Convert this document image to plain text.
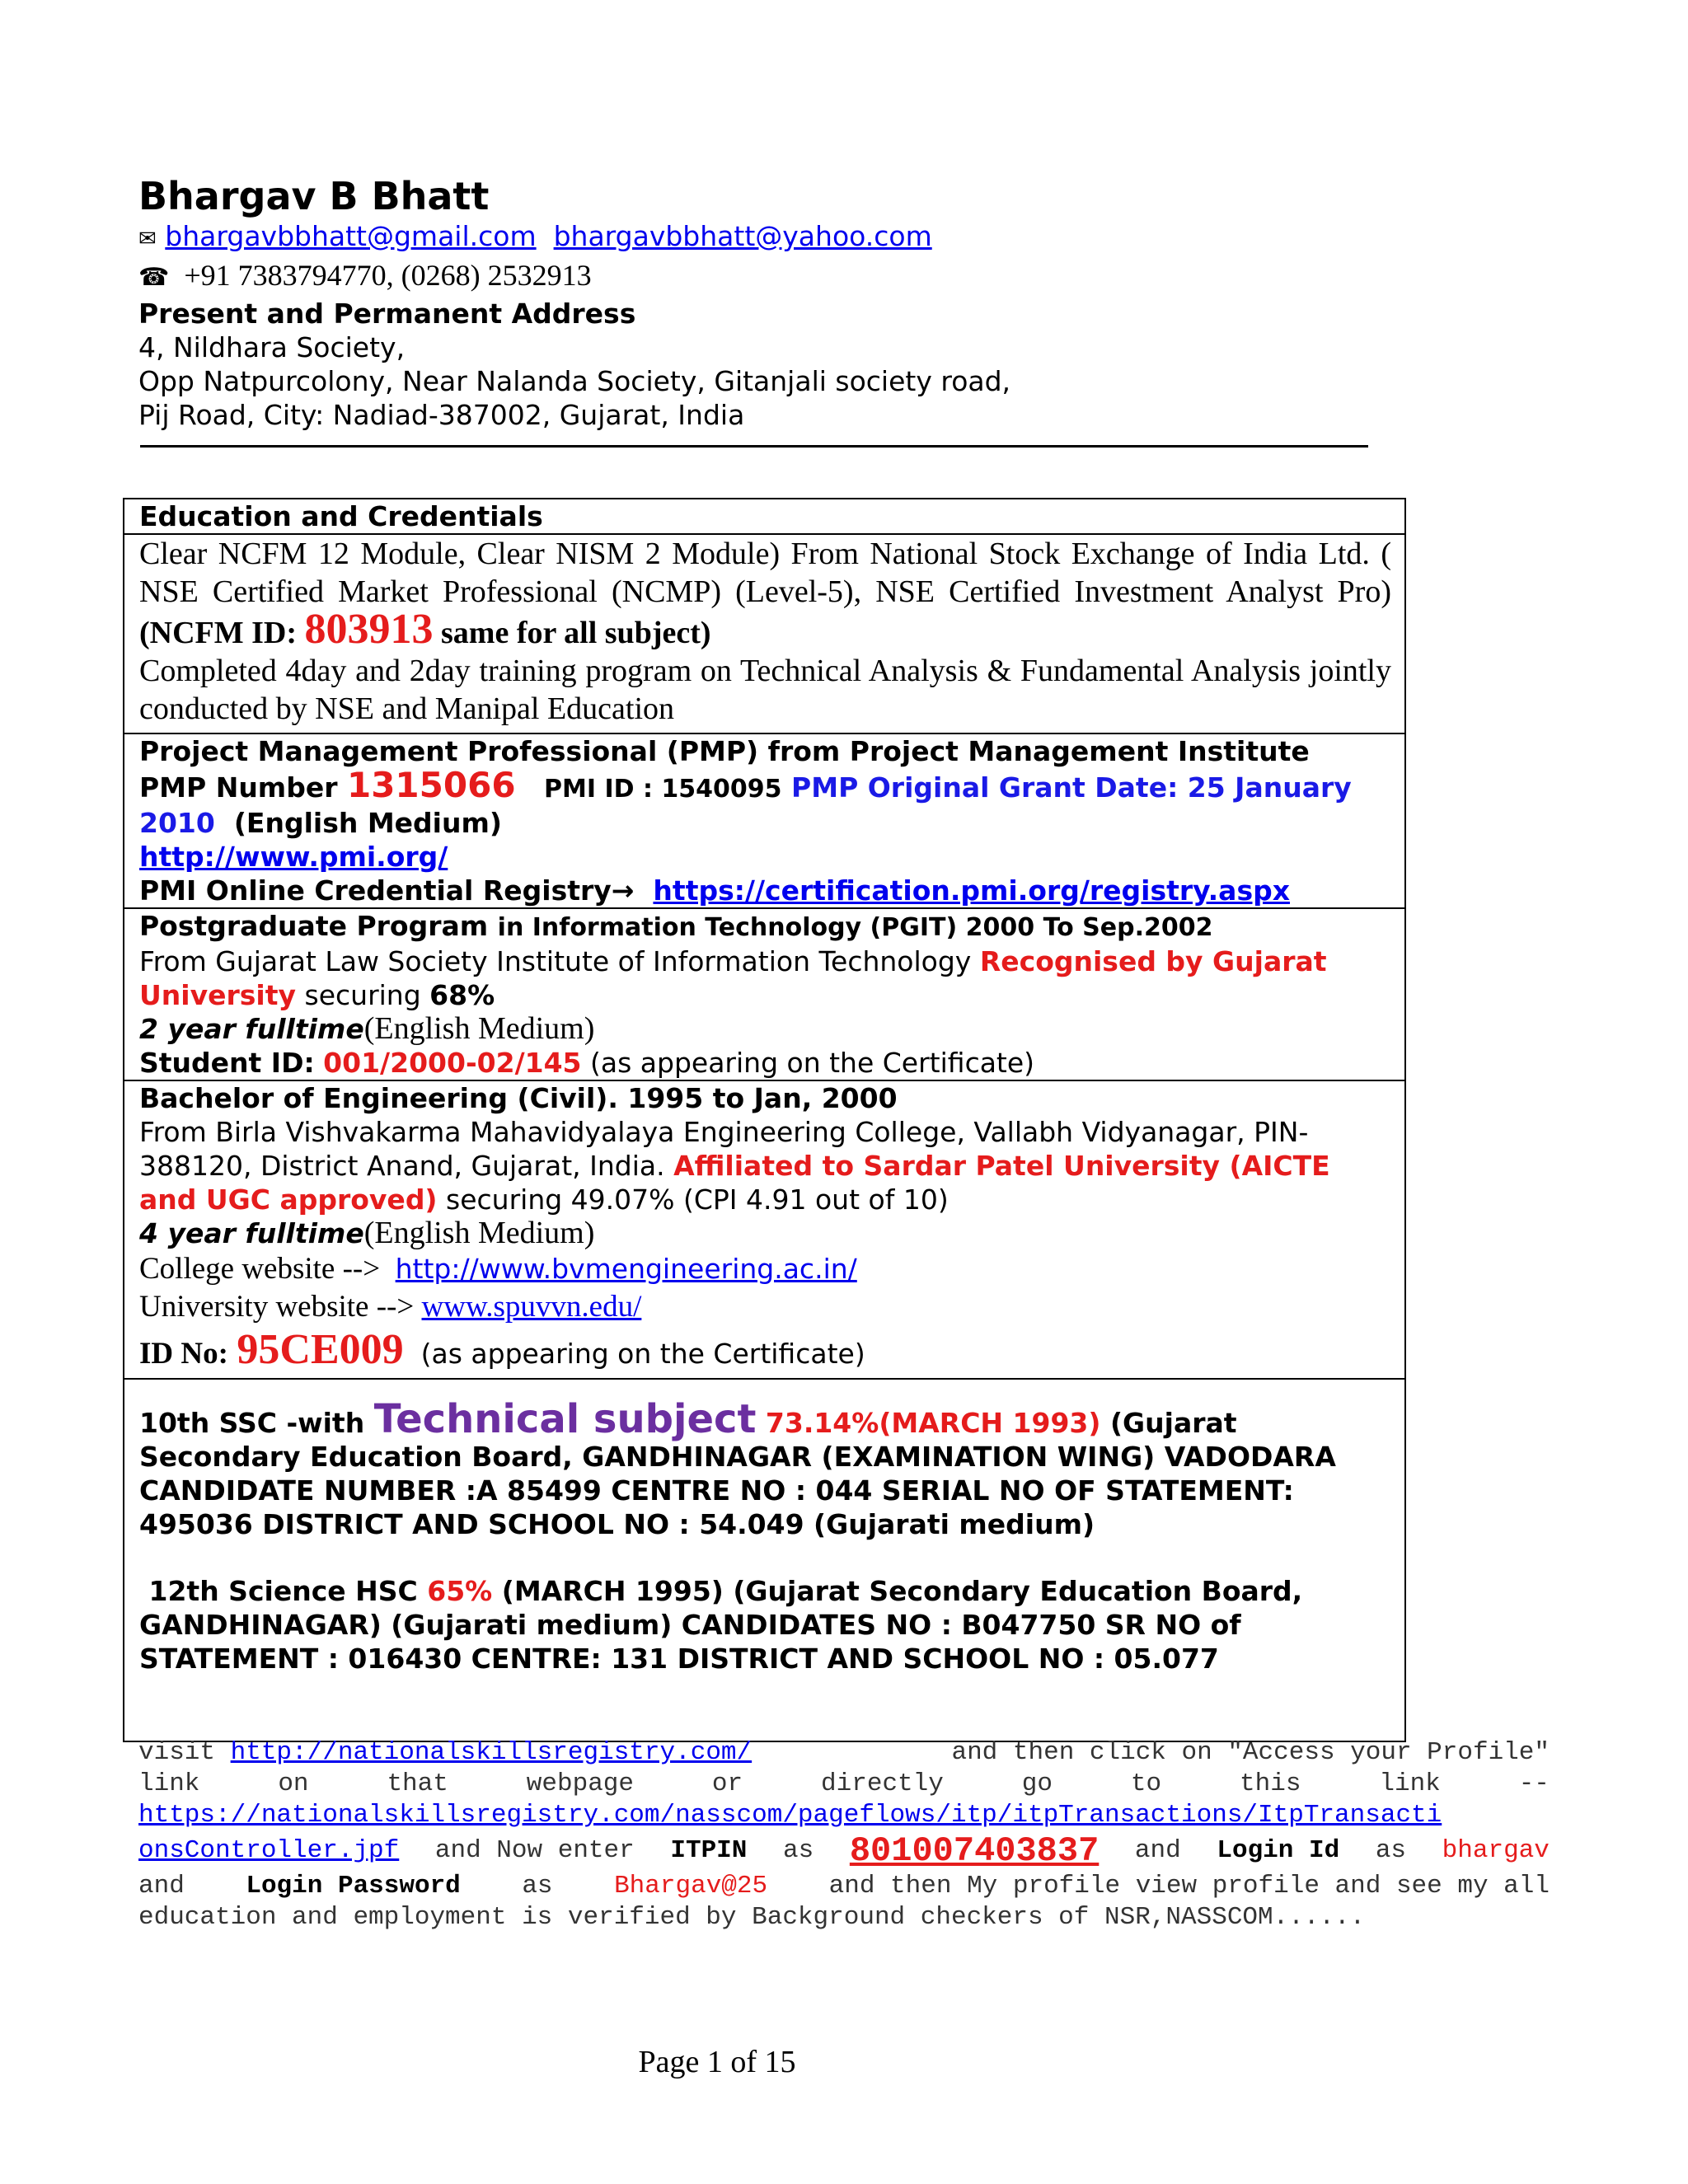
Bhargav B Bhatt
✉ bhargavbbhatt@gmail.com bhargavbbhatt@yahoo.com
☎ +91 7383794770, (0268) 2532913
Present and Permanent Address
4, Nildhara Society,
Opp Natpurcolony, Near Nalanda Society, Gitanjali society road,
Pij Road, City: Nadiad-387002, Gujarat, India
Education and Credentials
Clear NCFM 12 Module, Clear NISM 2 Module) From National Stock Exchange of India Ltd. ( NSE Certified Market Professional (NCMP) (Level-5), NSE Certified Investment Analyst Pro) (NCFM ID: 803913 same for all subject)
Completed 4day and 2day training program on Technical Analysis & Fundamental Analysis jointly conducted by NSE and Manipal Education

Project Management Professional (PMP) from Project Management Institute
PMP Number 1315066 PMI ID : 1540095 PMP Original Grant Date: 25 January 2010 (English Medium)
http://www.pmi.org/
PMI Online Credential Registry→ https://certification.pmi.org/registry.aspx

Postgraduate Program in Information Technology (PGIT) 2000 To Sep.2002
From Gujarat Law Society Institute of Information Technology Recognised by Gujarat University securing 68%
2 year fulltime(English Medium)
Student ID: 001/2000-02/145 (as appearing on the Certificate)

Bachelor of Engineering (Civil). 1995 to Jan, 2000
From Birla Vishvakarma Mahavidyalaya Engineering College, Vallabh Vidyanagar, PIN-388120, District Anand, Gujarat, India. Affiliated to Sardar Patel University (AICTE and UGC approved) securing 49.07% (CPI 4.91 out of 10)
4 year fulltime(English Medium)
College website --> http://www.bvmengineering.ac.in/
University website --> www.spuvvn.edu/
ID No: 95CE009 (as appearing on the Certificate)

10th SSC -with Technical subject 73.14%(MARCH 1993) (Gujarat Secondary Education Board, GANDHINAGAR (EXAMINATION WING) VADODARA CANDIDATE NUMBER :A 85499 CENTRE NO : 044 SERIAL NO OF STATEMENT: 495036 DISTRICT AND SCHOOL NO : 54.049 (Gujarati medium)
12th Science HSC 65% (MARCH 1995) (Gujarat Secondary Education Board, GANDHINAGAR) (Gujarati medium) CANDIDATES NO : B047750 SR NO of STATEMENT : 016430 CENTRE: 131 DISTRICT AND SCHOOL NO : 05.077
visit http://nationalskillsregistry.com/	and then click on "Access your Profile"
link	on	that	webpage	or	directly	go	to	this	link	--
https://nationalskillsregistry.com/nasscom/pageflows/itp/itpTransactions/ItpTransacti
onsController.jpf and Now enter ITPIN as 801007403837 and Login Id as bhargav
and Login Password as Bhargav@25 and then My profile view profile and see my all
education and employment is verified by Background checkers of NSR,NASSCOM......
Page 1 of 15
